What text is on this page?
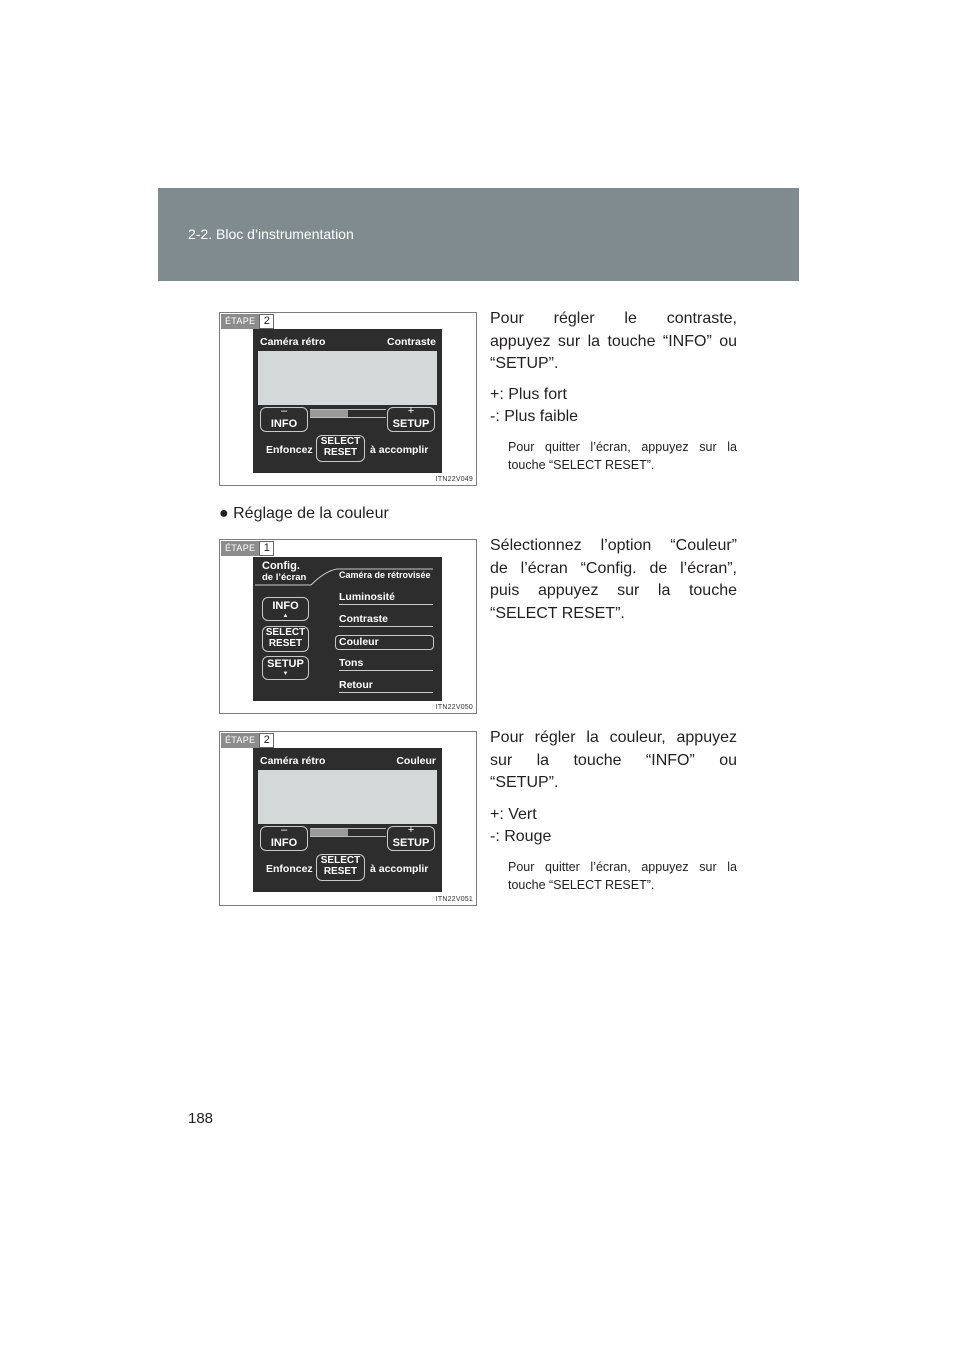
2-2. Bloc d’instrumentation
ÉTAPE 2
Caméra rétro	Contraste
–
INFO
+
SETUP
Enfoncez
SELECT
RESET	à accomplir
ITN22V049
Pour régler le contraste,
appuyez sur la touche “INFO” ou
“SETUP”.
+: Plus fort
-: Plus faible
Pour quitter l’écran, appuyez sur la touche “SELECT RESET”.
● Réglage de la couleur
ÉTAPE 1
Config.
de l’écran	Caméra de rétrovisée
INFO
▲
SELECT
RESET
SETUP
▼
Luminosité
Contraste
Couleur
Tons
Retour
ITN22V050
Sélectionnez l’option “Couleur”
de l’écran “Config. de l’écran”,
puis appuyez sur la touche
“SELECT RESET”.
ÉTAPE 2
Caméra rétro	Couleur
–
INFO
+
SETUP
Enfoncez
SELECT
RESET	à accomplir
ITN22V051
Pour régler la couleur, appuyez
sur la touche “INFO” ou
“SETUP”.
+: Vert
-: Rouge
Pour quitter l’écran, appuyez sur la touche “SELECT RESET”.
188
